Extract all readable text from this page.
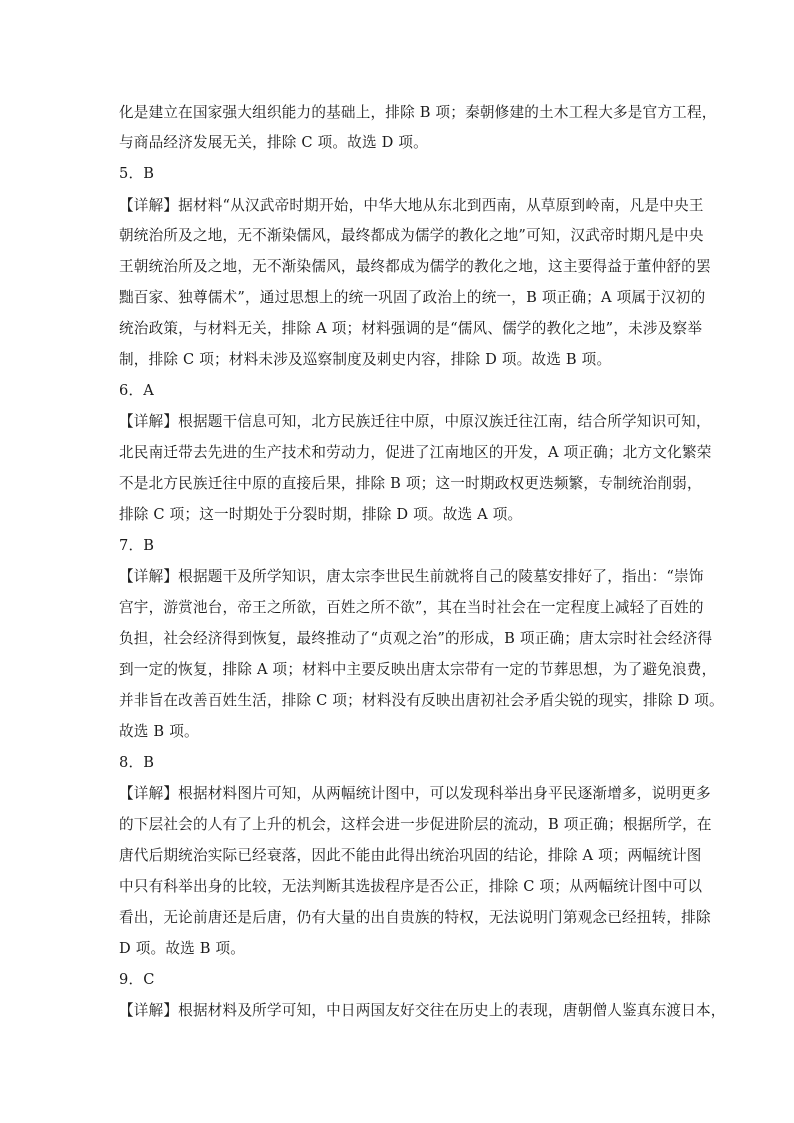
化是建立在国家强大组织能力的基础上，排除 B 项；秦朝修建的土木工程大多是官方工程，
与商品经济发展无关，排除 C 项。故选 D 项。
5．B
【详解】据材料“从汉武帝时期开始，中华大地从东北到西南，从草原到岭南，凡是中央王
朝统治所及之地，无不渐染儒风，最终都成为儒学的教化之地”可知，汉武帝时期凡是中央
王朝统治所及之地，无不渐染儒风，最终都成为儒学的教化之地，这主要得益于董仲舒的罢
黜百家、独尊儒术”，通过思想上的统一巩固了政治上的统一，B 项正确；A 项属于汉初的
统治政策，与材料无关，排除 A 项；材料强调的是“儒风、儒学的教化之地”，未涉及察举
制，排除 C 项；材料未涉及巡察制度及刺史内容，排除 D 项。故选 B 项。
6．A
【详解】根据题干信息可知，北方民族迁往中原，中原汉族迁往江南，结合所学知识可知，
北民南迁带去先进的生产技术和劳动力，促进了江南地区的开发，A 项正确；北方文化繁荣
不是北方民族迁往中原的直接后果，排除 B 项；这一时期政权更迭频繁，专制统治削弱，
排除 C 项；这一时期处于分裂时期，排除 D 项。故选 A 项。
7．B
【详解】根据题干及所学知识，唐太宗李世民生前就将自己的陵墓安排好了，指出：“崇饰
宫宇，游赏池台，帝王之所欲，百姓之所不欲”，其在当时社会在一定程度上减轻了百姓的
负担，社会经济得到恢复，最终推动了“贞观之治”的形成，B 项正确；唐太宗时社会经济得
到一定的恢复，排除 A 项；材料中主要反映出唐太宗带有一定的节葬思想，为了避免浪费，
并非旨在改善百姓生活，排除 C 项；材料没有反映出唐初社会矛盾尖锐的现实，排除 D 项。
故选 B 项。
8．B
【详解】根据材料图片可知，从两幅统计图中，可以发现科举出身平民逐渐增多，说明更多
的下层社会的人有了上升的机会，这样会进一步促进阶层的流动，B 项正确；根据所学，在
唐代后期统治实际已经衰落，因此不能由此得出统治巩固的结论，排除 A 项；两幅统计图
中只有科举出身的比较，无法判断其选拔程序是否公正，排除 C 项；从两幅统计图中可以
看出，无论前唐还是后唐，仍有大量的出自贵族的特权，无法说明门第观念已经扭转，排除
D 项。故选 B 项。
9．C
【详解】根据材料及所学可知，中日两国友好交往在历史上的表现，唐朝僧人鉴真东渡日本，
